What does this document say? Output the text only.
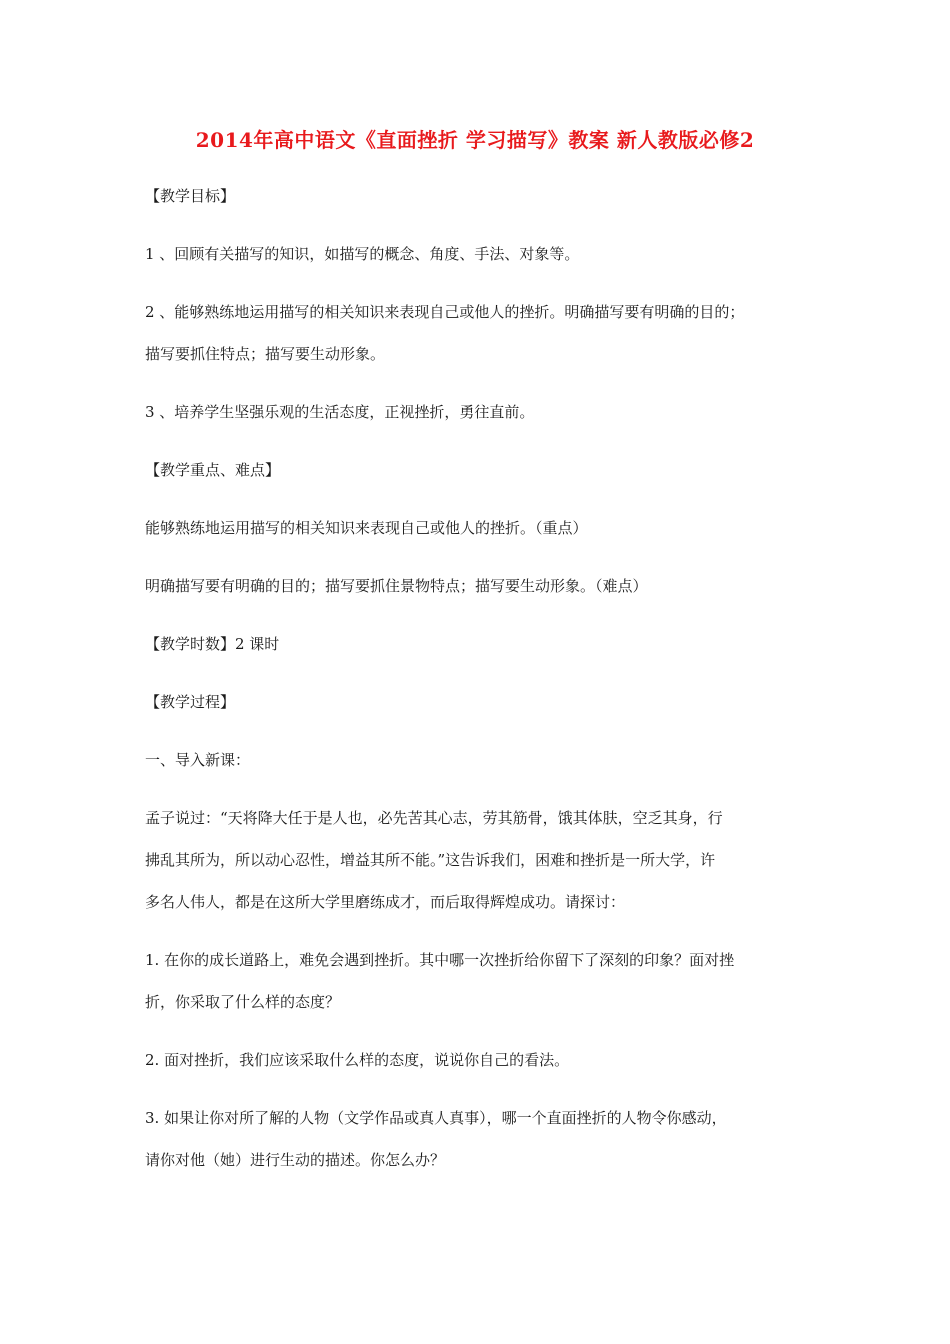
2014年高中语文《直面挫折 学习描写》教案 新人教版必修2
【教学目标】
1 、回顾有关描写的知识，如描写的概念、角度、手法、对象等。
2 、能够熟练地运用描写的相关知识来表现自己或他人的挫折。明确描写要有明确的目的；
描写要抓住特点；描写要生动形象。
3 、培养学生坚强乐观的生活态度，正视挫折，勇往直前。
【教学重点、难点】
能够熟练地运用描写的相关知识来表现自己或他人的挫折。（重点）
明确描写要有明确的目的；描写要抓住景物特点；描写要生动形象。（难点）
【教学时数】2 课时
【教学过程】
一、导入新课：
孟子说过：“天将降大任于是人也，必先苦其心志，劳其筋骨，饿其体肤，空乏其身，行
拂乱其所为，所以动心忍性，增益其所不能。”这告诉我们，困难和挫折是一所大学，许
多名人伟人，都是在这所大学里磨练成才，而后取得辉煌成功。请探讨：
1. 在你的成长道路上，难免会遇到挫折。其中哪一次挫折给你留下了深刻的印象？面对挫
折，你采取了什么样的态度？
2. 面对挫折，我们应该采取什么样的态度，说说你自己的看法。
3. 如果让你对所了解的人物（文学作品或真人真事），哪一个直面挫折的人物令你感动，
请你对他（她）进行生动的描述。你怎么办？
